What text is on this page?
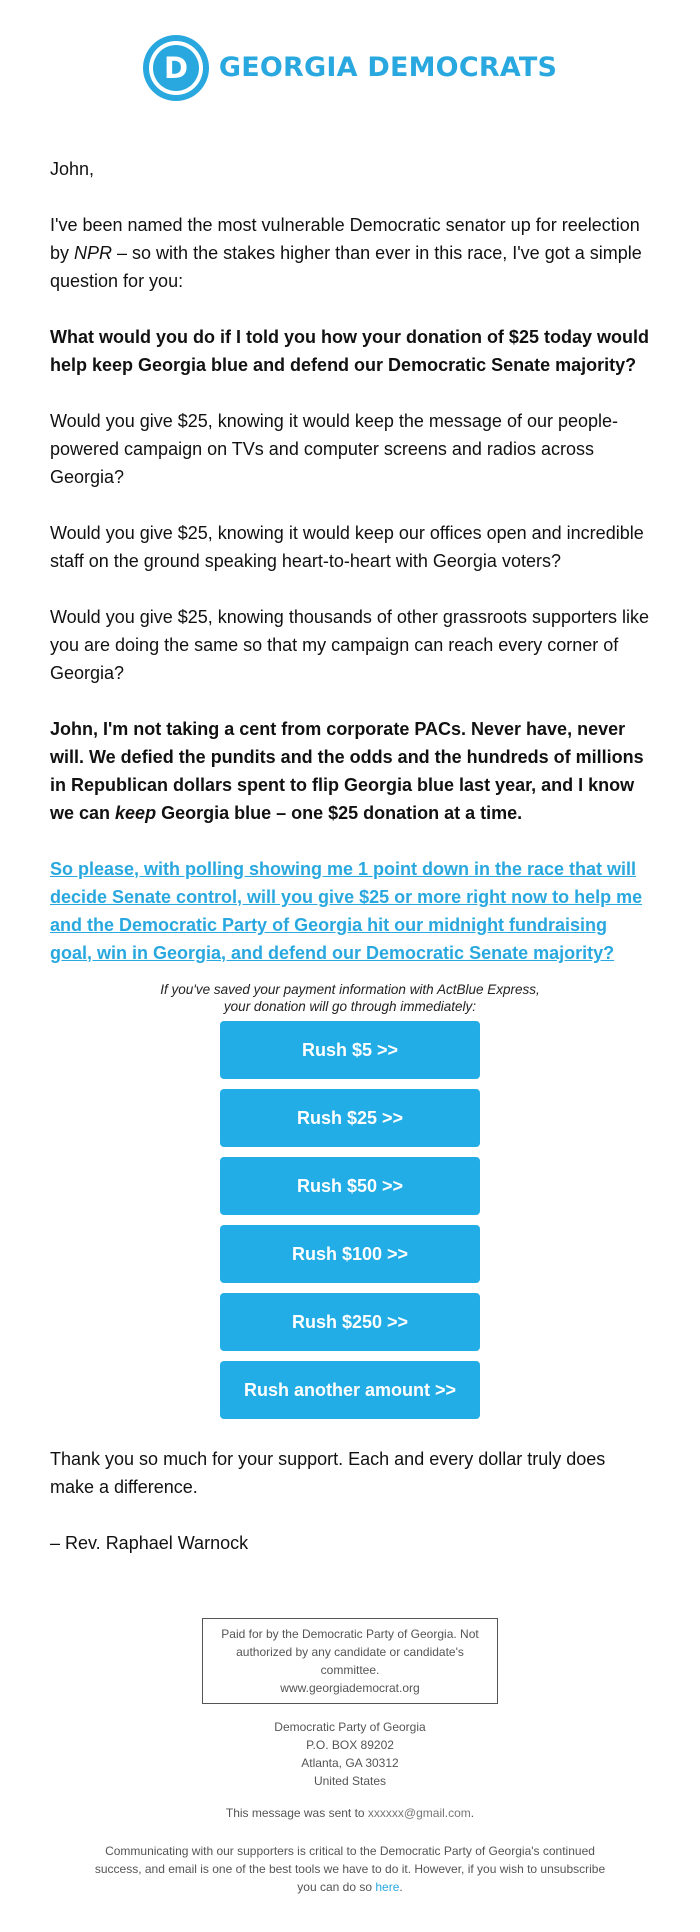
D GEORGIA DEMOCRATS

John,

I've been named the most vulnerable Democratic senator up for reelection by NPR – so with the stakes higher than ever in this race, I've got a simple question for you:

What would you do if I told you how your donation of $25 today would help keep Georgia blue and defend our Democratic Senate majority?

Would you give $25, knowing it would keep the message of our people-powered campaign on TVs and computer screens and radios across Georgia?

Would you give $25, knowing it would keep our offices open and incredible staff on the ground speaking heart-to-heart with Georgia voters?

Would you give $25, knowing thousands of other grassroots supporters like you are doing the same so that my campaign can reach every corner of Georgia?

John, I'm not taking a cent from corporate PACs. Never have, never will. We defied the pundits and the odds and the hundreds of millions in Republican dollars spent to flip Georgia blue last year, and I know we can keep Georgia blue – one $25 donation at a time.

So please, with polling showing me 1 point down in the race that will decide Senate control, will you give $25 or more right now to help me and the Democratic Party of Georgia hit our midnight fundraising goal, win in Georgia, and defend our Democratic Senate majority?

If you've saved your payment information with ActBlue Express,
your donation will go through immediately:
Rush $5 >>
Rush $25 >>
Rush $50 >>
Rush $100 >>
Rush $250 >>
Rush another amount >>

Thank you so much for your support. Each and every dollar truly does make a difference.

– Rev. Raphael Warnock

Paid for by the Democratic Party of Georgia. Not authorized by any candidate or candidate's committee.
www.georgiademocrat.org
Democratic Party of Georgia
P.O. BOX 89202
Atlanta, GA 30312
United States
This message was sent to xxxxxx@gmail.com.
Communicating with our supporters is critical to the Democratic Party of Georgia's continued success, and email is one of the best tools we have to do it. However, if you wish to unsubscribe you can do so here.
